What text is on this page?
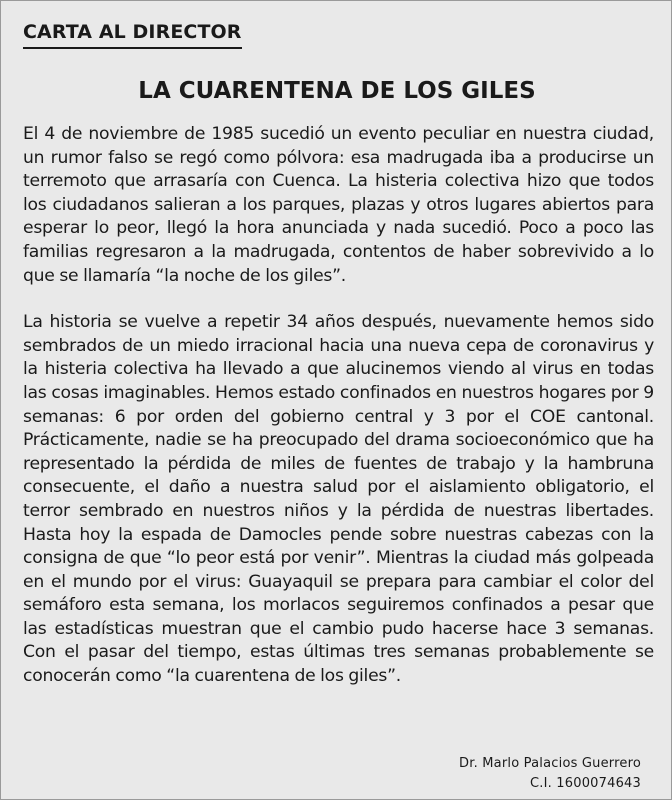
CARTA AL DIRECTOR
LA CUARENTENA DE LOS GILES

El 4 de noviembre de 1985 sucedió un evento peculiar en nuestra ciudad, un rumor falso se regó como pólvora: esa madrugada iba a producirse un terremoto que arrasaría con Cuenca. La histeria colectiva hizo que todos los ciudadanos salieran a los parques, plazas y otros lugares abiertos para esperar lo peor, llegó la hora anunciada y nada sucedió. Poco a poco las familias regresaron a la madrugada, contentos de haber sobrevivido a lo que se llamaría “la noche de los giles”.

La historia se vuelve a repetir 34 años después, nuevamente hemos sido sembrados de un miedo irracional hacia una nueva cepa de coronavirus y la histeria colectiva ha llevado a que alucinemos viendo al virus en todas las cosas imaginables. Hemos estado confinados en nuestros hogares por 9 semanas: 6 por orden del gobierno central y 3 por el COE cantonal. Prácticamente, nadie se ha preocupado del drama socioeconómico que ha representado la pérdida de miles de fuentes de trabajo y la hambruna consecuente, el daño a nuestra salud por el aislamiento obligatorio, el terror sembrado en nuestros niños y la pérdida de nuestras libertades. Hasta hoy la espada de Damocles pende sobre nuestras cabezas con la consigna de que “lo peor está por venir”. Mientras la ciudad más golpeada en el mundo por el virus: Guayaquil se prepara para cambiar el color del semáforo esta semana, los morlacos seguiremos confinados a pesar que las estadísticas muestran que el cambio pudo hacerse hace 3 semanas. Con el pasar del tiempo, estas últimas tres semanas probablemente se conocerán como “la cuarentena de los giles”.

Dr. Marlo Palacios Guerrero
C.I. 1600074643
